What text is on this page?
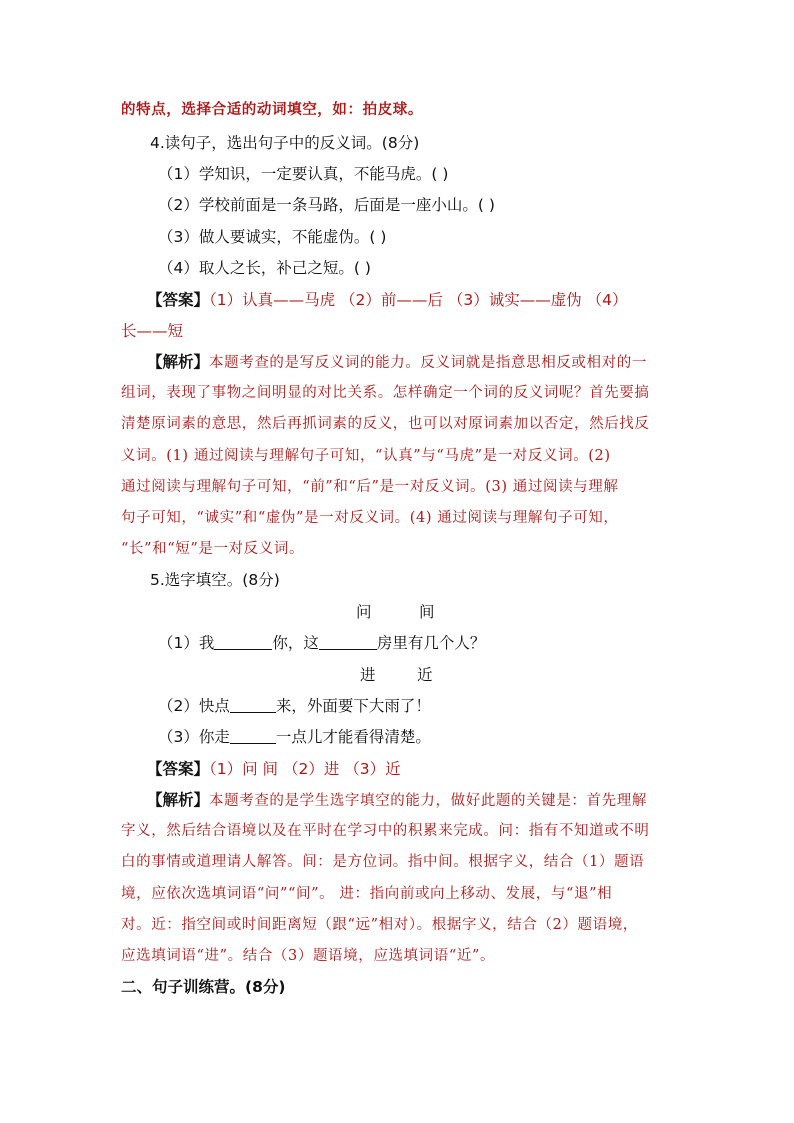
的特点，选择合适的动词填空，如：拍皮球。
4.读句子，选出句子中的反义词。(8分)
（1）学知识，一定要认真，不能马虎。( )
（2）学校前面是一条马路，后面是一座小山。( )
（3）做人要诚实，不能虚伪。( )
（4）取人之长，补己之短。( )
【答案】（1）认真——马虎 （2）前——后 （3）诚实——虚伪 （4）
长——短
【解析】本题考查的是写反义词的能力。反义词就是指意思相反或相对的一
组词，表现了事物之间明显的对比关系。怎样确定一个词的反义词呢？首先要搞
清楚原词素的意思，然后再抓词素的反义，也可以对原词素加以否定，然后找反
义词。(1) 通过阅读与理解句子可知，“认真”与“马虎”是一对反义词。(2)
通过阅读与理解句子可知，“前”和“后”是一对反义词。(3) 通过阅读与理解
句子可知，“诚实”和“虚伪”是一对反义词。(4) 通过阅读与理解句子可知，
“长”和“短”是一对反义词。
5.选字填空。(8分)
问	间
（1）我	你，这	房里有几个人？
进	近
（2）快点	来，外面要下大雨了！
（3）你走	一点儿才能看得清楚。
【答案】（1）问 间 （2）进 （3）近
【解析】本题考查的是学生选字填空的能力，做好此题的关键是：首先理解
字义，然后结合语境以及在平时在学习中的积累来完成。问：指有不知道或不明
白的事情或道理请人解答。间：是方位词。指中间。根据字义，结合（1）题语
境，应依次选填词语“问”“间”。 进：指向前或向上移动、发展，与“退”相
对。近：指空间或时间距离短（跟“远”相对）。根据字义，结合（2）题语境，
应选填词语“进”。结合（3）题语境，应选填词语“近”。
二、句子训练营。(8分)
